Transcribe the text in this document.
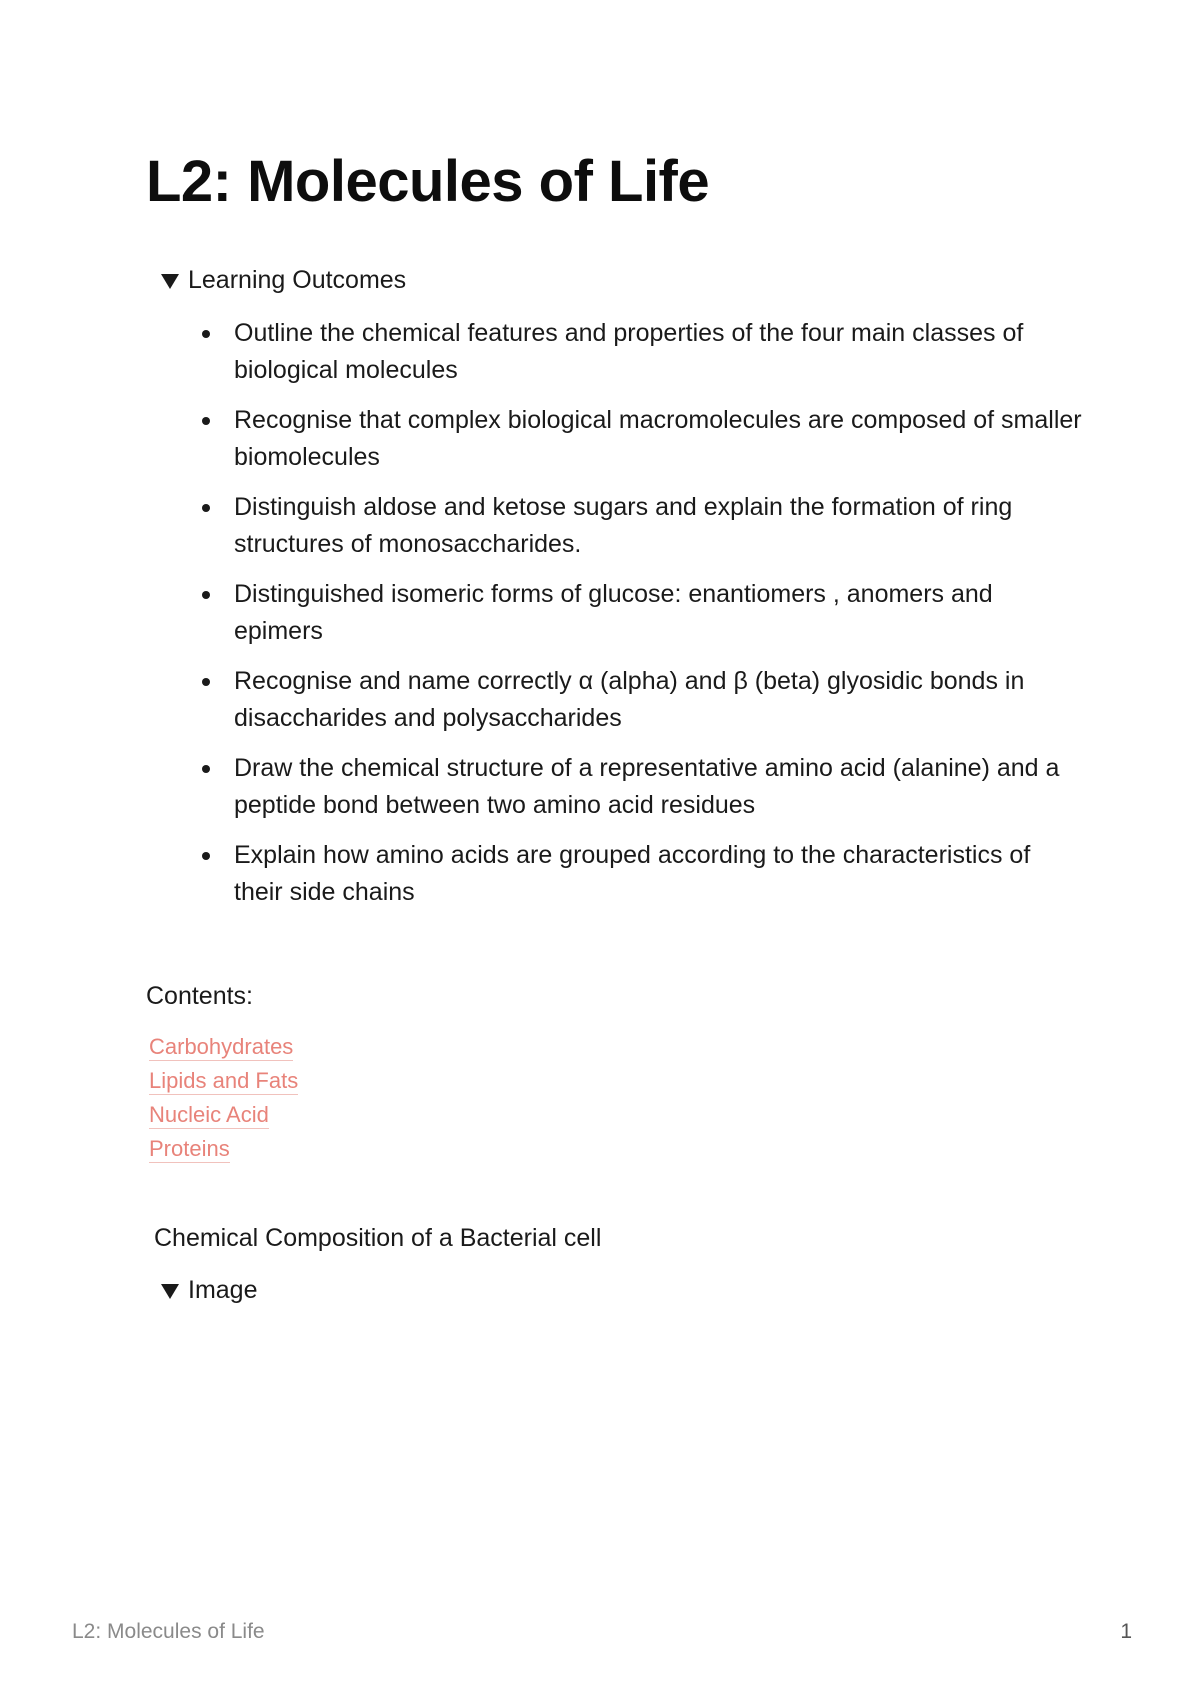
L2: Molecules of Life
Learning Outcomes
Outline the chemical features and properties of the four main classes of biological molecules
Recognise that complex biological macromolecules are composed of smaller biomolecules
Distinguish aldose and ketose sugars and explain the formation of ring structures of monosaccharides.
Distinguished isomeric forms of glucose: enantiomers , anomers and epimers
Recognise and name correctly α (alpha) and β (beta) glyosidic bonds in disaccharides and polysaccharides
Draw the chemical structure of a representative amino acid (alanine) and a peptide bond between two amino acid residues
Explain how amino acids are grouped according to the characteristics of their side chains
Contents:
Carbohydrates
Lipids and Fats
Nucleic Acid
Proteins
Chemical Composition of a Bacterial cell
Image
L2: Molecules of Life	1
